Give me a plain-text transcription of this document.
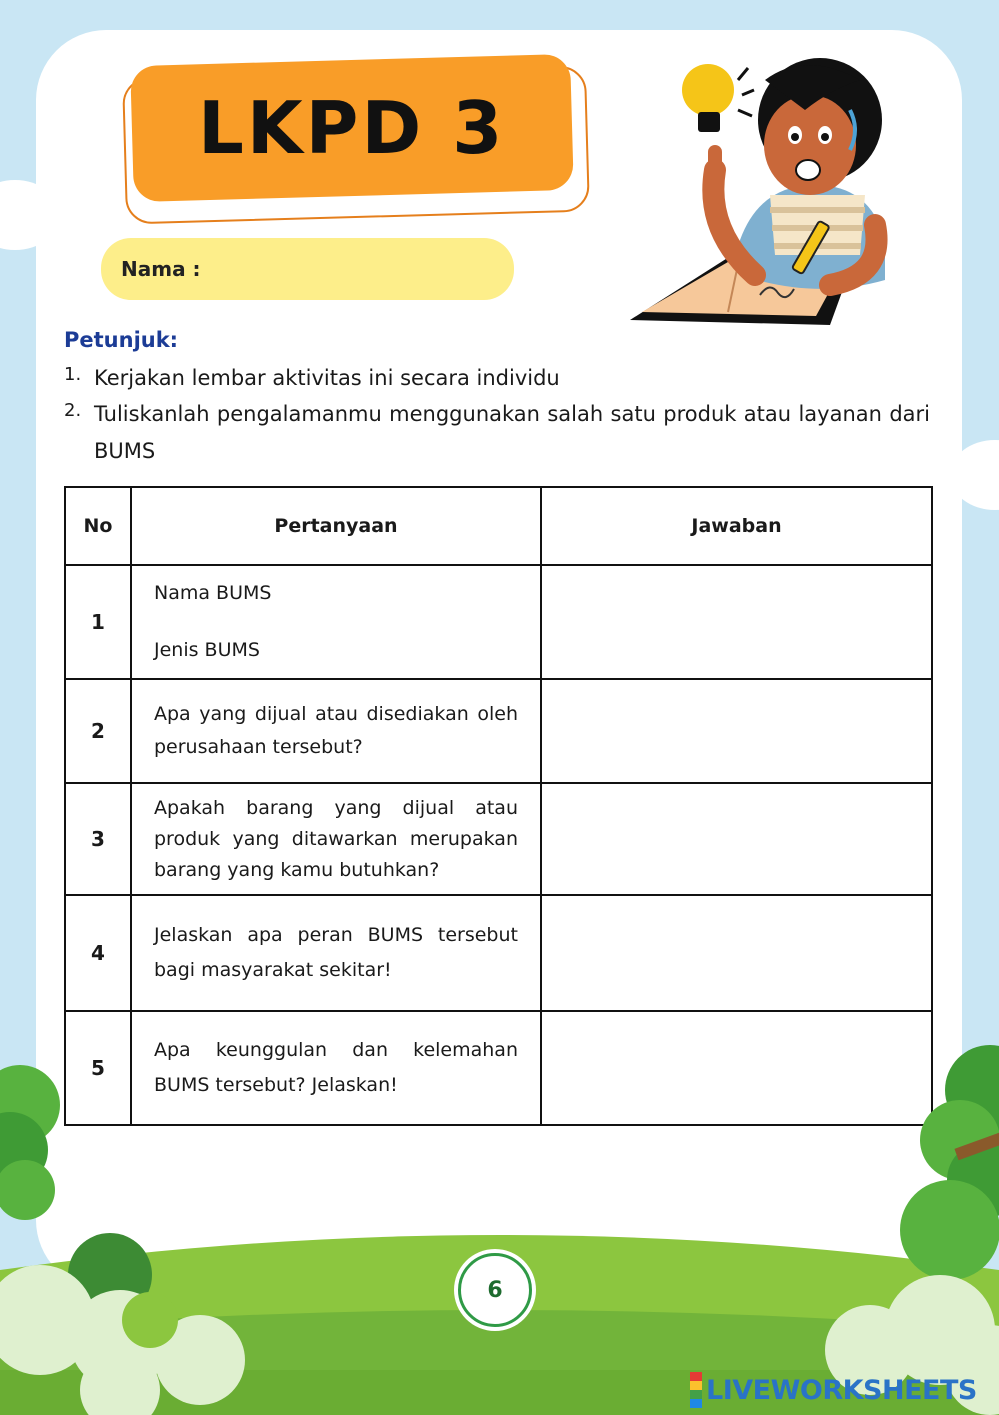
LKPD 3
Nama :
Petunjuk:
1. Kerjakan lembar aktivitas ini secara individu
2. Tuliskanlah pengalamanmu menggunakan salah satu produk atau layanan dari BUMS
No	Pertanyaan	Jawaban
1	Nama BUMS
Jenis BUMS	

2	Apa yang dijual atau disediakan oleh perusahaan tersebut?	
3	Apakah barang yang dijual atau produk yang ditawarkan merupakan barang yang kamu butuhkan?	
4	Jelaskan apa peran BUMS tersebut bagi masyarakat sekitar!	
5	Apa keunggulan dan kelemahan BUMS tersebut? Jelaskan!	
6
LIVEWORKSHEETS
